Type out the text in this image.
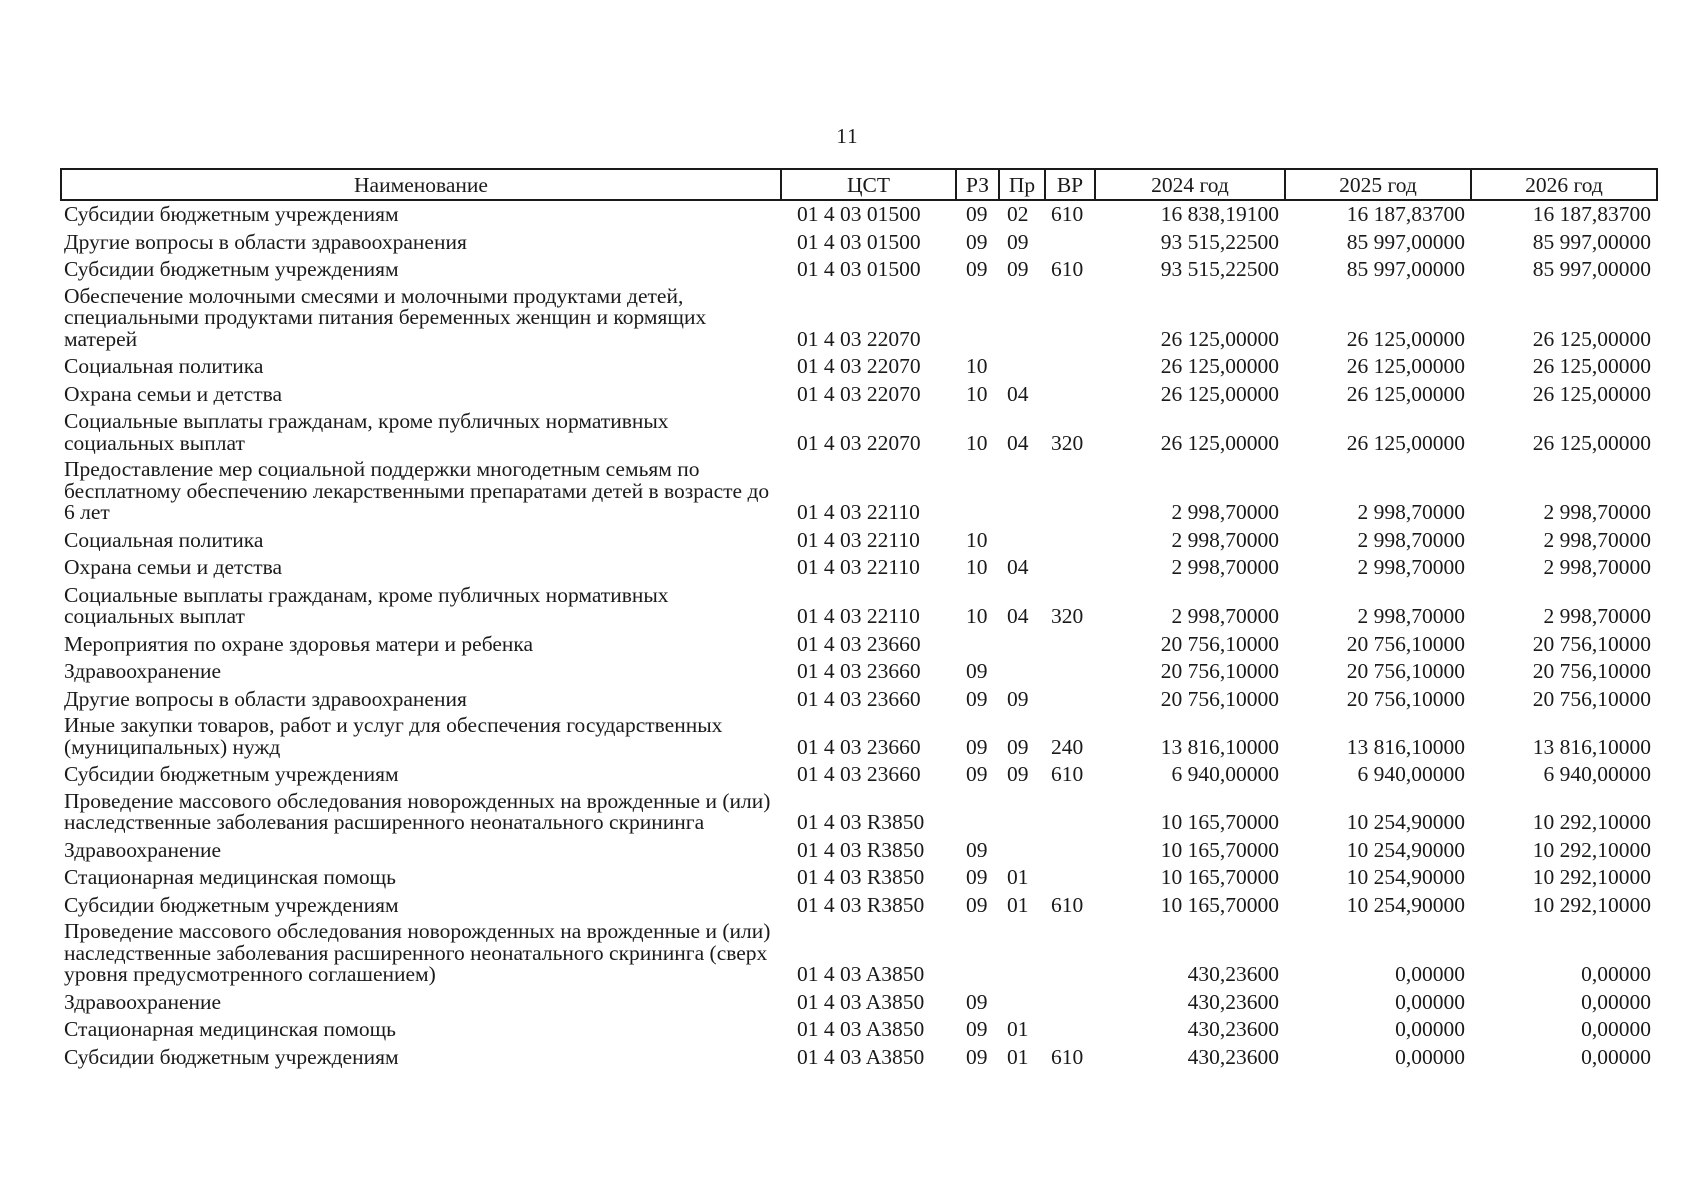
11
Наименование	ЦСТ	РЗ	Пр	ВР	2024 год	2025 год	2026 год
Субсидии бюджетным учреждениям	01 4 03 01500	09	02	610	16 838,19100	16 187,83700	16 187,83700
Другие вопросы в области здравоохранения	01 4 03 01500	09	09		93 515,22500	85 997,00000	85 997,00000
Субсидии бюджетным учреждениям	01 4 03 01500	09	09	610	93 515,22500	85 997,00000	85 997,00000
Обеспечение молочными смесями и молочными продуктами детей, специальными продуктами питания беременных женщин и кормящих матерей	01 4 03 22070				26 125,00000	26 125,00000	26 125,00000
Социальная политика	01 4 03 22070	10			26 125,00000	26 125,00000	26 125,00000
Охрана семьи и детства	01 4 03 22070	10	04		26 125,00000	26 125,00000	26 125,00000
Социальные выплаты гражданам, кроме публичных нормативных социальных выплат	01 4 03 22070	10	04	320	26 125,00000	26 125,00000	26 125,00000
Предоставление мер социальной поддержки многодетным семьям по бесплатному обеспечению лекарственными препаратами детей в возрасте до 6 лет	01 4 03 22110				2 998,70000	2 998,70000	2 998,70000
Социальная политика	01 4 03 22110	10			2 998,70000	2 998,70000	2 998,70000
Охрана семьи и детства	01 4 03 22110	10	04		2 998,70000	2 998,70000	2 998,70000
Социальные выплаты гражданам, кроме публичных нормативных социальных выплат	01 4 03 22110	10	04	320	2 998,70000	2 998,70000	2 998,70000
Мероприятия по охране здоровья матери и ребенка	01 4 03 23660				20 756,10000	20 756,10000	20 756,10000
Здравоохранение	01 4 03 23660	09			20 756,10000	20 756,10000	20 756,10000
Другие вопросы в области здравоохранения	01 4 03 23660	09	09		20 756,10000	20 756,10000	20 756,10000
Иные закупки товаров, работ и услуг для обеспечения государственных (муниципальных) нужд	01 4 03 23660	09	09	240	13 816,10000	13 816,10000	13 816,10000
Субсидии бюджетным учреждениям	01 4 03 23660	09	09	610	6 940,00000	6 940,00000	6 940,00000
Проведение массового обследования новорожденных на врожденные и (или) наследственные заболевания расширенного неонатального скрининга	01 4 03 R3850				10 165,70000	10 254,90000	10 292,10000
Здравоохранение	01 4 03 R3850	09			10 165,70000	10 254,90000	10 292,10000
Стационарная медицинская помощь	01 4 03 R3850	09	01		10 165,70000	10 254,90000	10 292,10000
Субсидии бюджетным учреждениям	01 4 03 R3850	09	01	610	10 165,70000	10 254,90000	10 292,10000
Проведение массового обследования новорожденных на врожденные и (или) наследственные заболевания расширенного неонатального скрининга (сверх уровня предусмотренного соглашением)	01 4 03 A3850				430,23600	0,00000	0,00000
Здравоохранение	01 4 03 A3850	09			430,23600	0,00000	0,00000
Стационарная медицинская помощь	01 4 03 A3850	09	01		430,23600	0,00000	0,00000
Субсидии бюджетным учреждениям	01 4 03 A3850	09	01	610	430,23600	0,00000	0,00000
